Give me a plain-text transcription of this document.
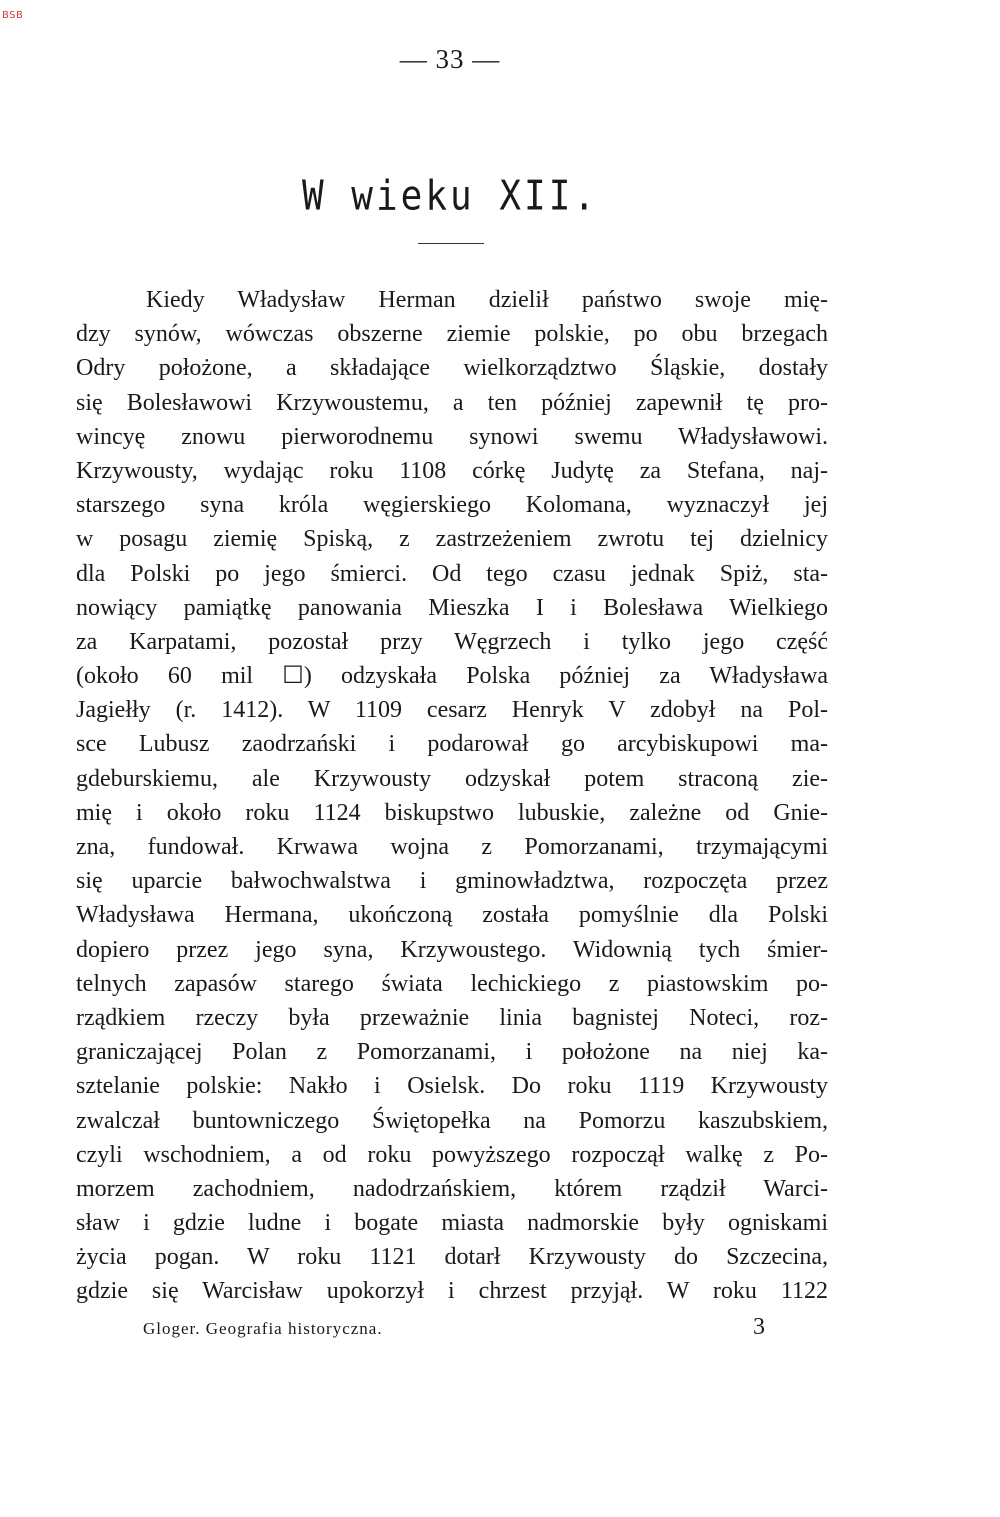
BSB
— 33 —
W wieku XII.
Kiedy Władysław Herman dzielił państwo swoje mię-
dzy synów, wówczas obszerne ziemie polskie, po obu brzegach
Odry położone, a składające wielkorządztwo Śląskie, dostały
się Bolesławowi Krzywoustemu, a ten później zapewnił tę pro-
wincyę znowu pierworodnemu synowi swemu Władysławowi.
Krzywousty, wydając roku 1108 córkę Judytę za Stefana, naj-
starszego syna króla węgierskiego Kolomana, wyznaczył jej
w posagu ziemię Spiską, z zastrzeżeniem zwrotu tej dzielnicy
dla Polski po jego śmierci. Od tego czasu jednak Spiż, sta-
nowiący pamiątkę panowania Mieszka I i Bolesława Wielkiego
za Karpatami, pozostał przy Węgrzech i tylko jego część
(około 60 mil ☐) odzyskała Polska później za Władysława
Jagiełły (r. 1412). W 1109 cesarz Henryk V zdobył na Pol-
sce Lubusz zaodrzański i podarował go arcybiskupowi ma-
gdeburskiemu, ale Krzywousty odzyskał potem straconą zie-
mię i około roku 1124 biskupstwo lubuskie, zależne od Gnie-
zna, fundował. Krwawa wojna z Pomorzanami, trzymającymi
się uparcie bałwochwalstwa i gminowładztwa, rozpoczęta przez
Władysława Hermana, ukończoną została pomyślnie dla Polski
dopiero przez jego syna, Krzywoustego. Widownią tych śmier-
telnych zapasów starego świata lechickiego z piastowskim po-
rządkiem rzeczy była przeważnie linia bagnistej Noteci, roz-
graniczającej Polan z Pomorzanami, i położone na niej ka-
sztelanie polskie: Nakło i Osielsk. Do roku 1119 Krzywousty
zwalczał buntowniczego Świętopełka na Pomorzu kaszubskiem,
czyli wschodniem, a od roku powyższego rozpoczął walkę z Po-
morzem zachodniem, nadodrzańskiem, którem rządził Warci-
sław i gdzie ludne i bogate miasta nadmorskie były ogniskami
życia pogan. W roku 1121 dotarł Krzywousty do Szczecina,
gdzie się Warcisław upokorzył i chrzest przyjął. W roku 1122
Gloger. Geografia historyczna.	3
